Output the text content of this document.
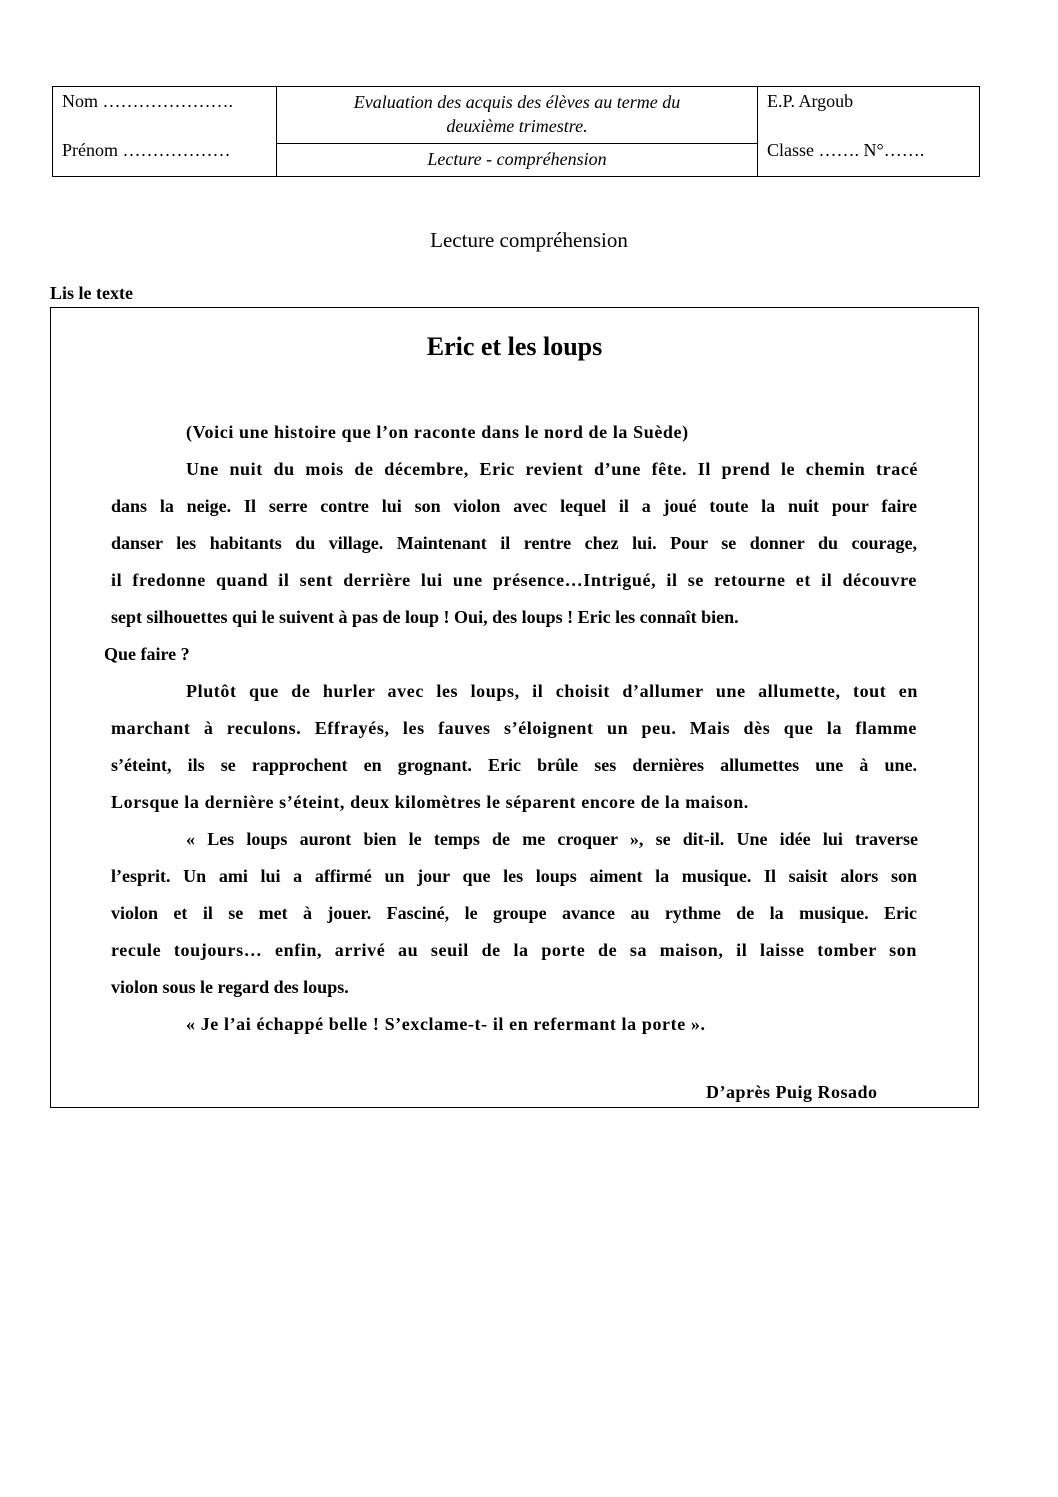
Nom ………………….
Prénom ………………
Evaluation des acquis des élèves au terme du
deuxième trimestre.
Lecture - compréhension
E.P. Argoub
Classe ……. N°…….
Lecture compréhension
Lis le texte
Eric et les loups
(Voici une histoire que l’on raconte dans le nord de la Suède)
Une nuit du mois de décembre, Eric revient d’une fête. Il prend le chemin tracé
dans la neige. Il serre contre lui son violon avec lequel il a joué toute la nuit pour faire
danser les habitants du village. Maintenant il rentre chez lui. Pour se donner du courage,
il fredonne quand il sent derrière lui une présence…Intrigué, il se retourne et il découvre
sept silhouettes qui le suivent à pas de loup ! Oui, des loups ! Eric les connaît bien.
Que faire ?
Plutôt que de hurler avec les loups, il choisit d’allumer une allumette, tout en
marchant à reculons. Effrayés, les fauves s’éloignent un peu. Mais dès que la flamme
s’éteint, ils se rapprochent en grognant. Eric brûle ses dernières allumettes une à une.
Lorsque la dernière s’éteint, deux kilomètres le séparent encore de la maison.
« Les loups auront bien le temps de me croquer », se dit-il. Une idée lui traverse
l’esprit. Un ami lui a affirmé un jour que les loups aiment la musique. Il saisit alors son
violon et il se met à jouer. Fasciné, le groupe avance au rythme de la musique. Eric
recule toujours… enfin, arrivé au seuil de la porte de sa maison, il laisse tomber son
violon sous le regard des loups.
« Je l’ai échappé belle ! S’exclame-t- il en refermant la porte ».
D’après Puig Rosado
